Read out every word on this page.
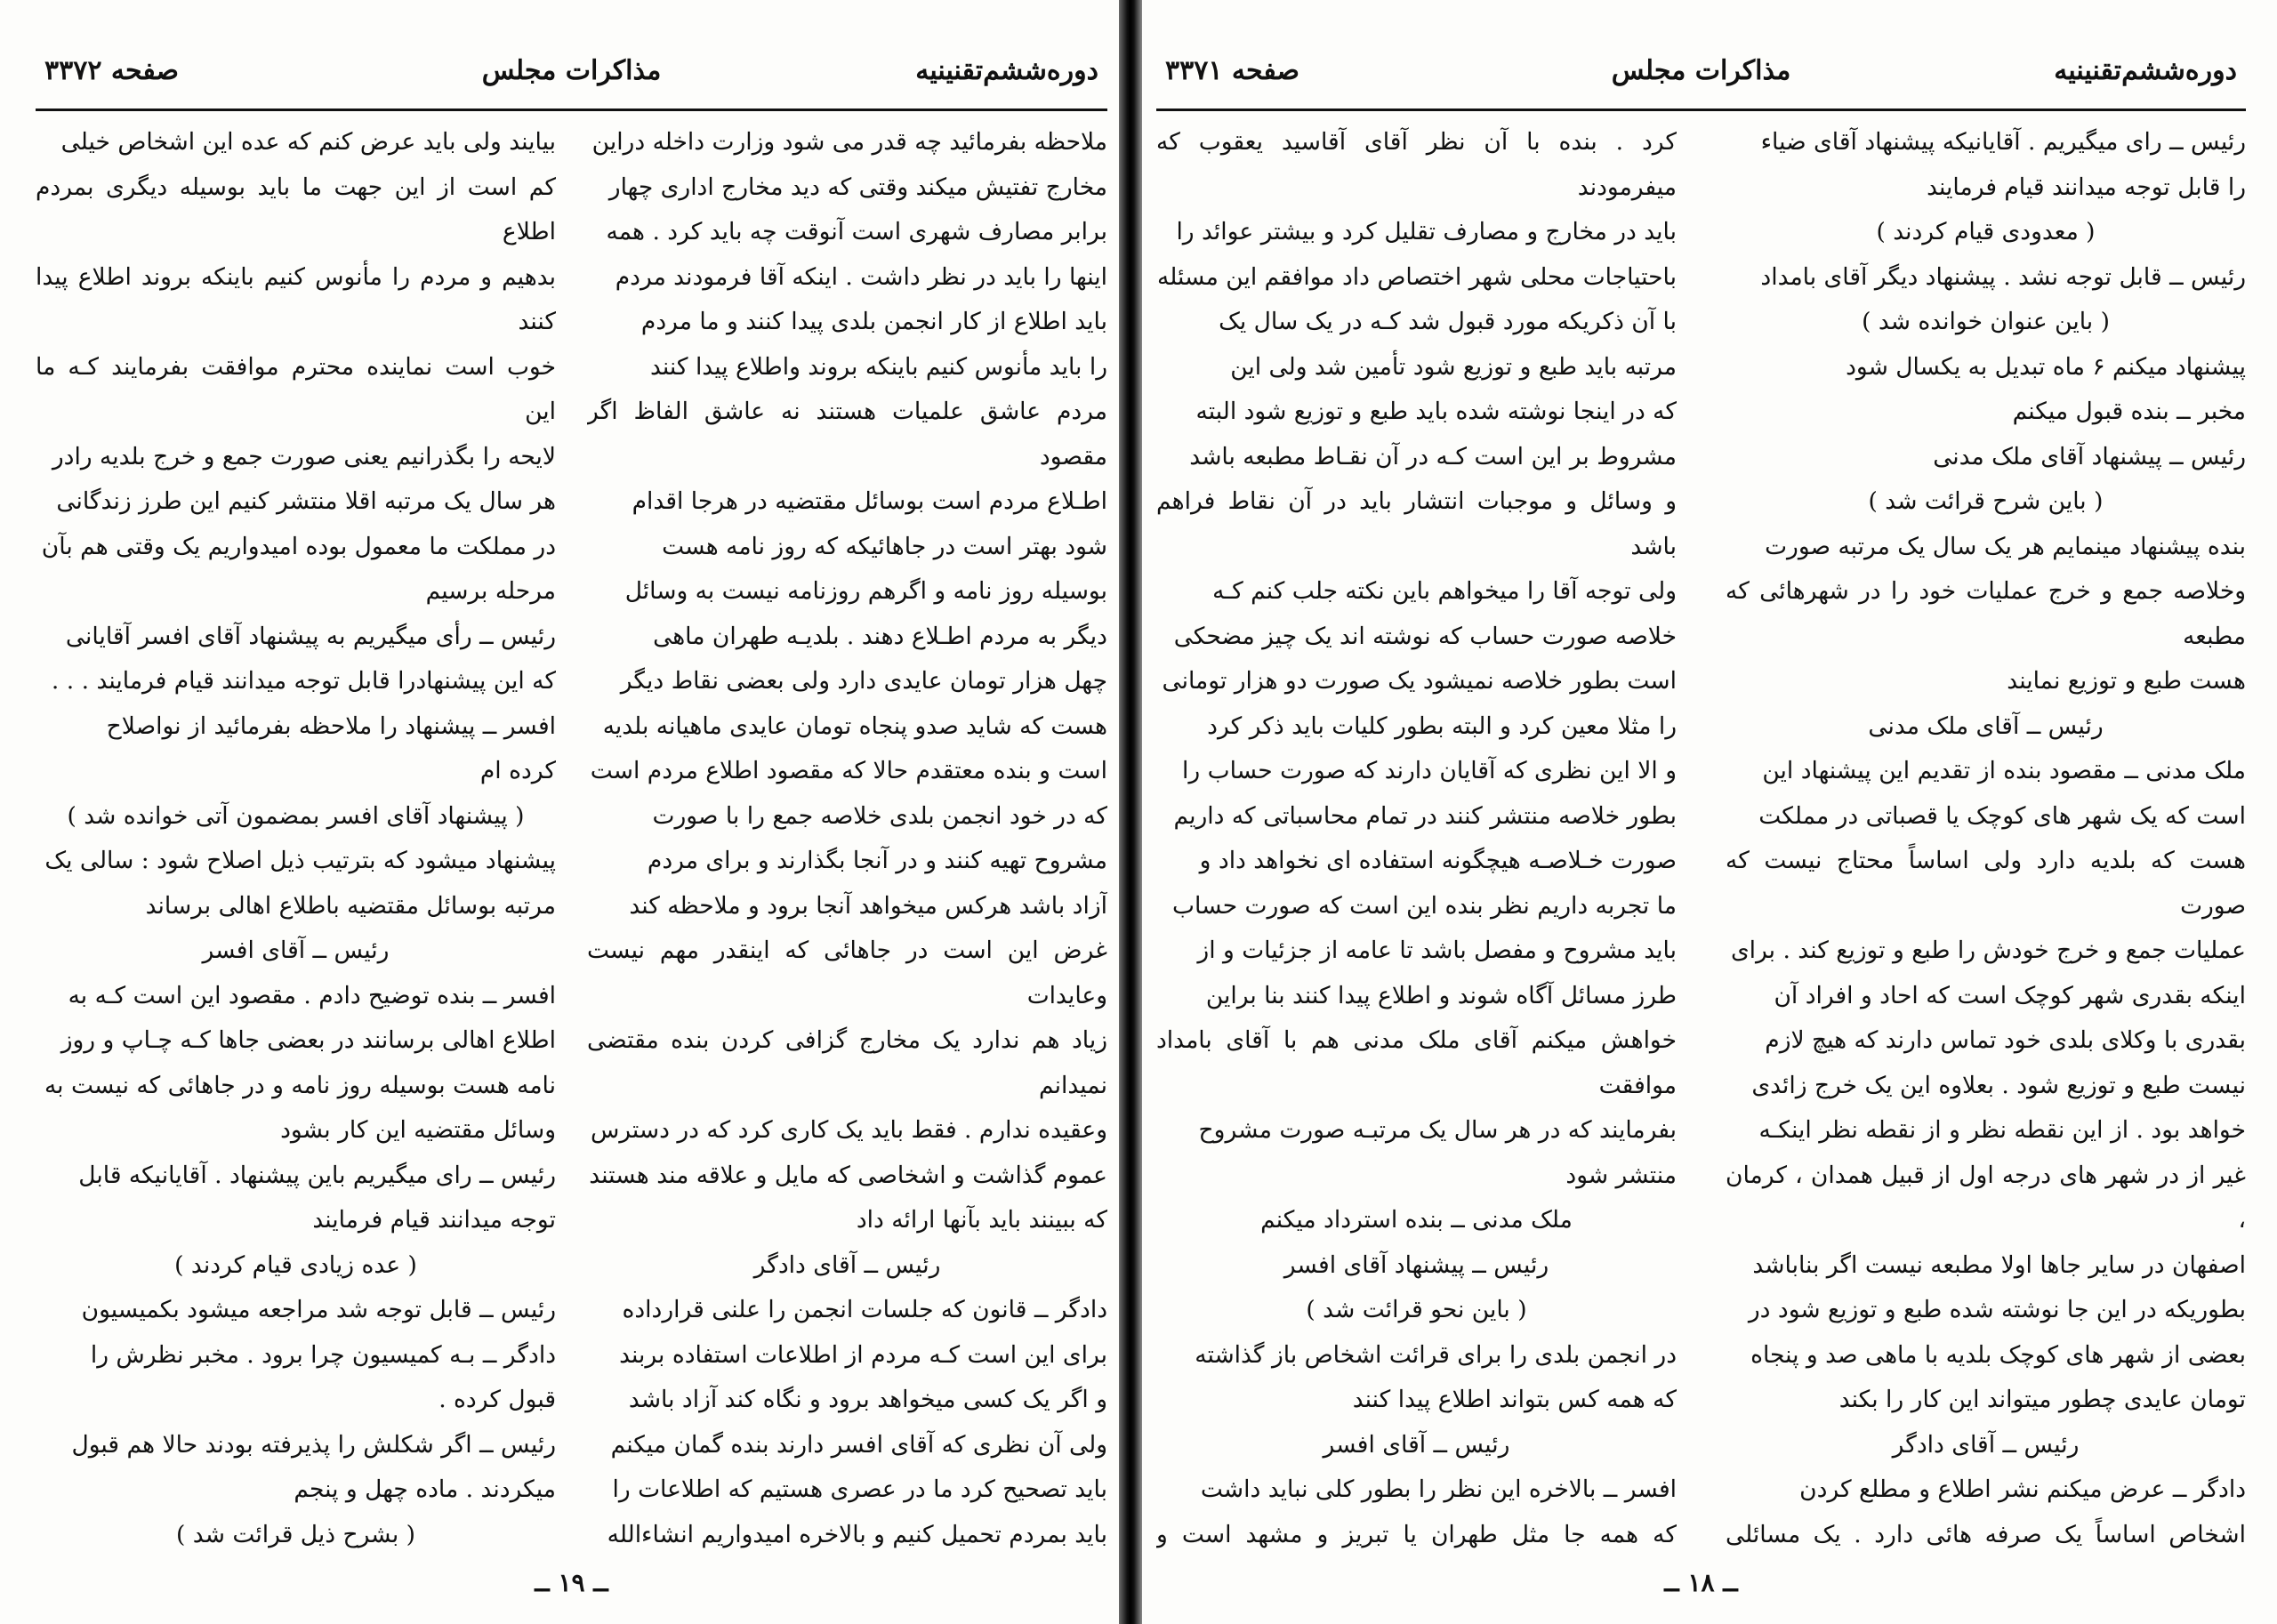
دوره‌ششم‌تقنینیه
مذاکرات مجلس
صفحه ۳۳۷۲

ملاحظه بفرمائید چه قدر می شود وزارت داخله دراین

مخارج تفتیش میکند وقتی که دید مخارج اداری چهار

برابر مصارف شهری است آنوقت چه باید کرد . همه

اینها را باید در نظر داشت . اینکه آقا فرمودند مردم

باید اطلاع از کار انجمن بلدی پیدا کنند و ما مردم

را باید مأنوس کنیم باینکه بروند واطلاع پیدا کنند

مردم عاشق علمیات هستند نه عاشق الفاظ اگر مقصود

اطـلاع مردم است بوسائل مقتضیه در هرجا اقدام

شود بهتر است در جاهائیکه که روز نامه هست

بوسیله روز نامه و اگرهم روزنامه نیست به وسائل

دیگر به مردم اطـلاع دهند . بلدیـه طهران ماهی

چهل هزار تومان عایدی دارد ولی بعضی نقاط دیگر

هست که شاید صدو پنجاه تومان عایدی ماهیانه بلدیه

است و بنده معتقدم حالا که مقصود اطلاع مردم است

که در خود انجمن بلدی خلاصه جمع را با صورت

مشروح تهیه کنند و در آنجا بگذارند و برای مردم

آزاد باشد هرکس میخواهد آنجا برود و ملاحظه کند

غرض این است در جاهائی که اینقدر مهم نیست وعایدات

زیاد هم ندارد یک مخارج گزافی کردن بنده مقتضی نمیدانم

وعقیده ندارم . فقط باید یک کاری کرد که در دسترس

عموم گذاشت و اشخاصی که مایل و علاقه مند هستند

که ببینند باید بآنها ارائه داد

رئیس ــ آقای دادگر

دادگر ــ قانون که جلسات انجمن را علنی قرارداده

برای این است کـه مردم از اطلاعات استفاده بربند

و اگر یک کسی میخواهد برود و نگاه کند آزاد باشد

ولی آن نظری که آقای افسر دارند بنده گمان میکنم

باید تصحیح کرد ما در عصری هستیم که اطلاعات را

باید بمردم تحمیل کنیم و بالاخره امیدواریم انشاءالله

بیایند ولی باید عرض کنم که عده این اشخاص خیلی

کم است از این جهت ما باید بوسیله دیگری بمردم اطلاع

بدهیم و مردم را مأنوس کنیم باینکه بروند اطلاع پیدا کنند

خوب است نماینده محترم موافقت بفرمایند کـه ما این

لایحه را بگذرانیم یعنی صورت جمع و خرج بلدیه رادر

هر سال یک مرتبه اقلا منتشر کنیم این طرز زندگانی

در مملکت ما معمول بوده امیدواریم یک وقتی هم بآن

مرحله برسیم

رئیس ــ رأی میگیریم به پیشنهاد آقای افسر آقایانی

که این پیشنهادرا قابل توجه میدانند قیام فرمایند . . .

افسر ــ پیشنهاد را ملاحظه بفرمائید از نواصلاح

کرده ام

( پیشنهاد آقای افسر بمضمون آتی خوانده شد )

پیشنهاد میشود که بترتیب ذیل اصلاح شود : سالی یک

مرتبه بوسائل مقتضیه باطلاع اهالی برساند

رئیس ــ آقای افسر

افسر ــ بنده توضیح دادم . مقصود این است کـه به

اطلاع اهالی برسانند در بعضی جاها کـه چـاپ و روز

نامه هست بوسیله روز نامه و در جاهائی که نیست به

وسائل مقتضیه این کار بشود

رئیس ــ رای میگیریم باین پیشنهاد . آقایانیکه قابل

توجه میدانند قیام فرمایند

( عده زیادی قیام کردند )

رئیس ــ قابل توجه شد مراجعه میشود بکمیسیون

دادگر ــ بـه کمیسیون چرا برود . مخبر نظرش را

قبول کرده .

رئیس ــ اگر شکلش را پذیرفته بودند حالا هم قبول

میکردند . ماده چهل و پنجم

( بشرح ذیل قرائت شد )

ــ ۱۹ ــ
دوره‌ششم‌تقنینیه
مذاکرات مجلس
صفحه ۳۳۷۱

رئیس ــ رای میگیریم . آقایانیکه پیشنهاد آقای ضیاء

را قابل توجه میدانند قیام فرمایند

( معدودی قیام کردند )

رئیس ــ قابل توجه نشد . پیشنهاد دیگر آقای بامداد

( باین عنوان خوانده شد )

پیشنهاد میکنم ۶ ماه تبدیل به یکسال شود

مخبر ــ بنده قبول میکنم

رئیس ــ پیشنهاد آقای ملک مدنی

( باین شرح قرائت شد )

بنده پیشنهاد مینمایم هر یک سال یک مرتبه صورت

وخلاصه جمع و خرج عملیات خود را در شهرهائی که مطبعه

هست طبع و توزیع نمایند

رئیس ــ آقای ملک مدنی

ملک مدنی ــ مقصود بنده از تقدیم این پیشنهاد این

است که یک شهر های کوچک یا قصباتی در مملکت

هست که بلدیه دارد ولی اساساً محتاج نیست که صورت

عملیات جمع و خرج خودش را طبع و توزیع کند . برای

اینکه بقدری شهر کوچک است که احاد و افراد آن

بقدری با وکلای بلدی خود تماس دارند که هیچ لازم

نیست طبع و توزیع شود . بعلاوه این یک خرج زائدی

خواهد بود . از این نقطه نظر و از نقطه نظر اینکـه

غیر از در شهر های درجه اول از قبیل همدان ، کرمان ،

اصفهان در سایر جاها اولا مطبعه نیست اگر بناباشد

بطوریکه در این جا نوشته شده طبع و توزیع شود در

بعضی از شهر های کوچک بلدیه با ماهی صد و پنجاه

تومان عایدی چطور میتواند این کار را بکند

رئیس ــ آقای دادگر

دادگر ــ عرض میکنم نشر اطلاع و مطلع کردن

اشخاص اساساً یک صرفه هائی دارد . یک مسائلی

کرد . بنده با آن نظر آقای آقاسید یعقوب که میفرمودند

باید در مخارج و مصارف تقلیل کرد و بیشتر عوائد را

باحتیاجات محلی شهر اختصاص داد موافقم این مسئله

با آن ذکریکه مورد قبول شد کـه در یک سال یک

مرتبه باید طبع و توزیع شود تأمین شد ولی این

که در اینجا نوشته شده باید طبع و توزیع شود البته

مشروط بر این است کـه در آن نقـاط مطبعه باشد

و وسائل و موجبات انتشار باید در آن نقاط فراهم باشد

ولی توجه آقا را میخواهم باین نکته جلب کنم کـه

خلاصه صورت حساب که نوشته اند یک چیز مضحکی

است بطور خلاصه نمیشود یک صورت دو هزار تومانی

را مثلا معین کرد و البته بطور کلیات باید ذکر کرد

و الا این نظری که آقایان دارند که صورت حساب را

بطور خلاصه منتشر کنند در تمام محاسباتی که داریم

صورت خـلاصـه هیچگونه استفاده ای نخواهد داد و

ما تجربه داریم نظر بنده این است که صورت حساب

باید مشروح و مفصل باشد تا عامه از جزئیات و از

طرز مسائل آگاه شوند و اطلاع پیدا کنند بنا براین

خواهش میکنم آقای ملک مدنی هم با آقای بامداد موافقت

بفرمایند که در هر سال یک مرتبـه صورت مشروح

منتشر شود

ملک مدنی ــ بنده استرداد میکنم

رئیس ــ پیشنهاد آقای افسر

( باین نحو قرائت شد )

در انجمن بلدی را برای قرائت اشخاص باز گذاشته

که همه کس بتواند اطلاع پیدا کنند

رئیس ــ آقای افسر

افسر ــ بالاخره این نظر را بطور کلی نباید داشت

که همه جا مثل طهران یا تبریز و مشهد است و

ــ ۱۸ ــ
